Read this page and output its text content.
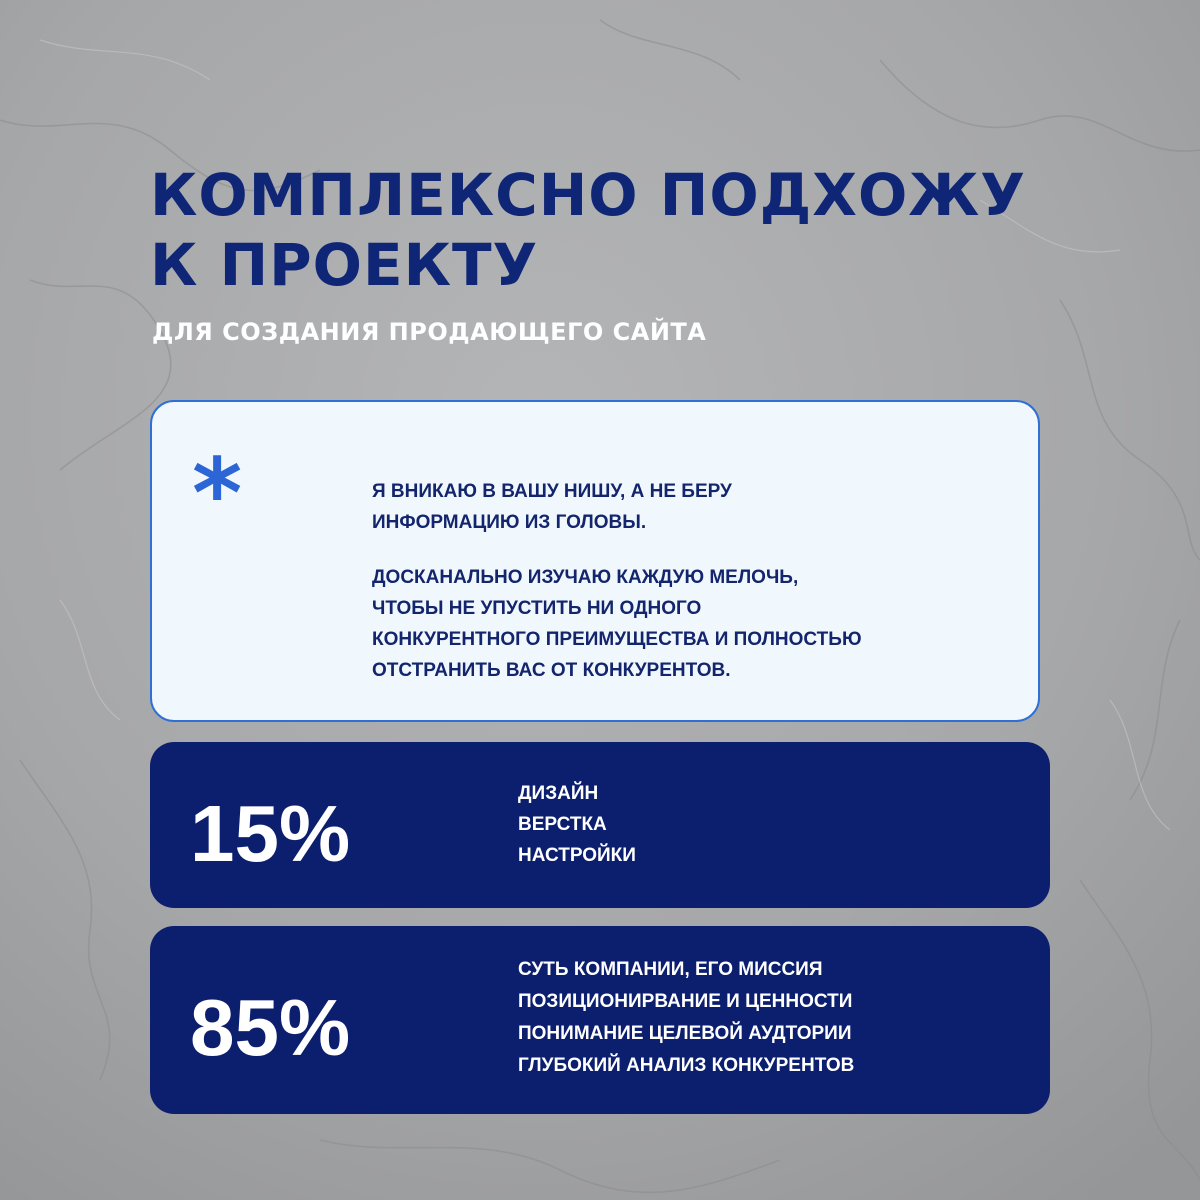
КОМПЛЕКСНО ПОДХОЖУ
К ПРОЕКТУ
ДЛЯ СОЗДАНИЯ ПРОДАЮЩЕГО САЙТА
*	Я ВНИКАЮ В ВАШУ НИШУ, А НЕ БЕРУ
ИНФОРМАЦИЮ ИЗ ГОЛОВЫ.

ДОСКАНАЛЬНО ИЗУЧАЮ КАЖДУЮ МЕЛОЧЬ,
ЧТОБЫ НЕ УПУСТИТЬ НИ ОДНОГО
КОНКУРЕНТНОГО ПРЕИМУЩЕСТВА И ПОЛНОСТЬЮ
ОТСТРАНИТЬ ВАС ОТ КОНКУРЕНТОВ.

15%	ДИЗАЙН
ВЕРСТКА
НАСТРОЙКИ
85%
СУТЬ КОМПАНИИ, ЕГО МИССИЯ
ПОЗИЦИОНИРВАНИЕ И ЦЕННОСТИ
ПОНИМАНИЕ ЦЕЛЕВОЙ АУДТОРИИ
ГЛУБОКИЙ АНАЛИЗ КОНКУРЕНТОВ
